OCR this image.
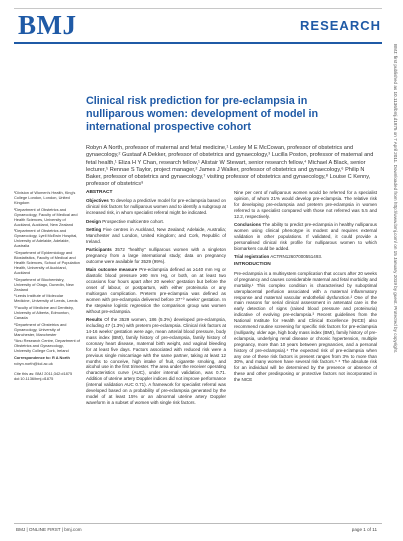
BMJ	RESEARCH
BMJ: first published as 10.1136/bmj.d1875 on 7 April 2011. Downloaded from http://www.bmj.com/ on 15 January 2019 by guest. Protected by copyright.
Clinical risk prediction for pre-eclampsia in nulliparous women: development of model in international prospective cohort
Robyn A North, professor of maternal and fetal medicine,¹ Lesley M E McCowan, professor of obstetrics and gynaecology,² Gustaaf A Dekker, professor of obstetrics and gynaecology,³ Lucilla Poston, professor of maternal and fetal health,¹ Eliza H Y Chan, research fellow,¹ Alistair W Stewart, senior research fellow,⁴ Michael A Black, senior lecturer,⁵ Rennae S Taylor, project manager,² James J Walker, professor of obstetrics and gynaecology,⁶ Philip N Baker, professor of obstetrics and gynaecology,⁷ visiting professor of obstetrics and gynaecology,⁸ Louise C Kenny, professor of obstetrics⁹

¹Division of Women's Health, King's College London, London, United Kingdom

²Department of Obstetrics and Gynaecology, Faculty of Medical and Health Sciences, University of Auckland, Auckland, New Zealand

³Department of Obstetrics and Gynaecology, Lyell McEwin Hospital, University of Adelaide, Adelaide, Australia

⁴Department of Epidemiology and Biostatistics, Faculty of Medical and Health Sciences, School of Population Health, University of Auckland, Auckland

⁵Department of Biochemistry, University of Otago, Dunedin, New Zealand

⁶Leeds Institute of Molecular Medicine, University of Leeds, Leeds

⁷Faculty of Medicine and Dentistry, University of Alberta, Edmonton, Canada

⁸Department of Obstetrics and Gynaecology, University of Manchester, Manchester

⁹Anu Research Centre, Department of Obstetrics and Gynaecology, University College Cork, Ireland

Correspondence to: R A North

robyn.north@kcl.ac.uk

Cite this as: BMJ 2011;342:d1875 doi:10.1136/bmj.d1875

ABSTRACT

Objectives To develop a predictive model for pre-eclampsia based on clinical risk factors for nulliparous women and to identify a subgroup at increased risk, in whom specialist referral might be indicated.

Design Prospective multicentre cohort.

Setting Five centres in Auckland, New Zealand; Adelaide, Australia; Manchester and London, United Kingdom; and Cork, Republic of Ireland.

Participants 3572 "healthy" nulliparous women with a singleton pregnancy from a large international study; data on pregnancy outcome were available for 3529 (99%).

Main outcome measure Pre-eclampsia defined as ≥140 mm Hg or diastolic blood pressure ≥90 mm Hg, or both, on at least two occasions four hours apart after 20 weeks' gestation but before the onset of labour, or postpartum, with either proteinuria or any multiorgan complication. Preterm pre-eclampsia was defined as women with pre-eclampsia delivered before 37⁺⁰ weeks' gestation. In the stepwise logistic regression the comparison group was women without pre-eclampsia.

Results Of the 3529 women, 186 (5.3%) developed pre-eclampsia, including 47 (1.3%) with preterm pre-eclampsia. Clinical risk factors at 14-16 weeks' gestation were age, mean arterial blood pressure, body mass index (BMI), family history of pre-eclampsia, family history of coronary heart disease, maternal birth weight, and vaginal bleeding for at least five days. Factors associated with reduced risk were a previous single miscarriage with the same partner, taking at least 12 months to conceive, high intake of fruit, cigarette smoking, and alcohol use in the first trimester. The area under the receiver operating characteristics curve (AUC), under internal validation, was 0.71. Addition of uterine artery Doppler indices did not improve performance (internal validation AUC 0.71). A framework for specialist referral was developed based on a probability of pre-eclampsia generated by the model of at least 15% or an abnormal uterine artery Doppler waveform in a subset of women with single risk factors.

Nine per cent of nulliparous women would be referred for a specialist opinion, of whom 21% would develop pre-eclampsia. The relative risk for developing pre-eclampsia and preterm pre-eclampsia in women referred to a specialist compared with those not referred was 5.5 and 12.2, respectively.

Conclusions The ability to predict pre-eclampsia in healthy nulliparous women using clinical phenotype is modest and requires external validation in other populations. If validated, it could provide a personalised clinical risk profile for nulliparous women to which biomarkers could be added.

Trial registration ACTRN12607000551493.

INTRODUCTION

Pre-eclampsia is a multisystem complication that occurs after 20 weeks of pregnancy and causes considerable maternal and fetal morbidity and mortality.¹ This complex condition is characterised by suboptimal uteroplacental perfusion associated with a maternal inflammatory response and maternal vascular endothelial dysfunction.² One of the main reasons for serial clinical assessment in antenatal care is the early detection of signs (raised blood pressure and proteinuria) indicative of evolving pre-eclampsia.³ Recent guidelines from the National Institute for Health and Clinical Excellence (NICE) also recommend routine screening for specific risk factors for pre-eclampsia (nulliparity, older age, high body mass index (BMI), family history of pre-eclampsia, underlying renal disease or chronic hypertension, multiple pregnancy, more than 10 years between pregnancies, and a personal history of pre-eclampsia).⁴ The expected risk of pre-eclampsia when any one of these risk factors is present ranges from 3% to more than 30%, and many women have several risk factors.⁵ ⁶ The absolute risk for an individual will be determined by the presence or absence of these and other predisposing or protective factors not incorporated in the NICE

BMJ | ONLINE FIRST | bmj.com	page 1 of 11
